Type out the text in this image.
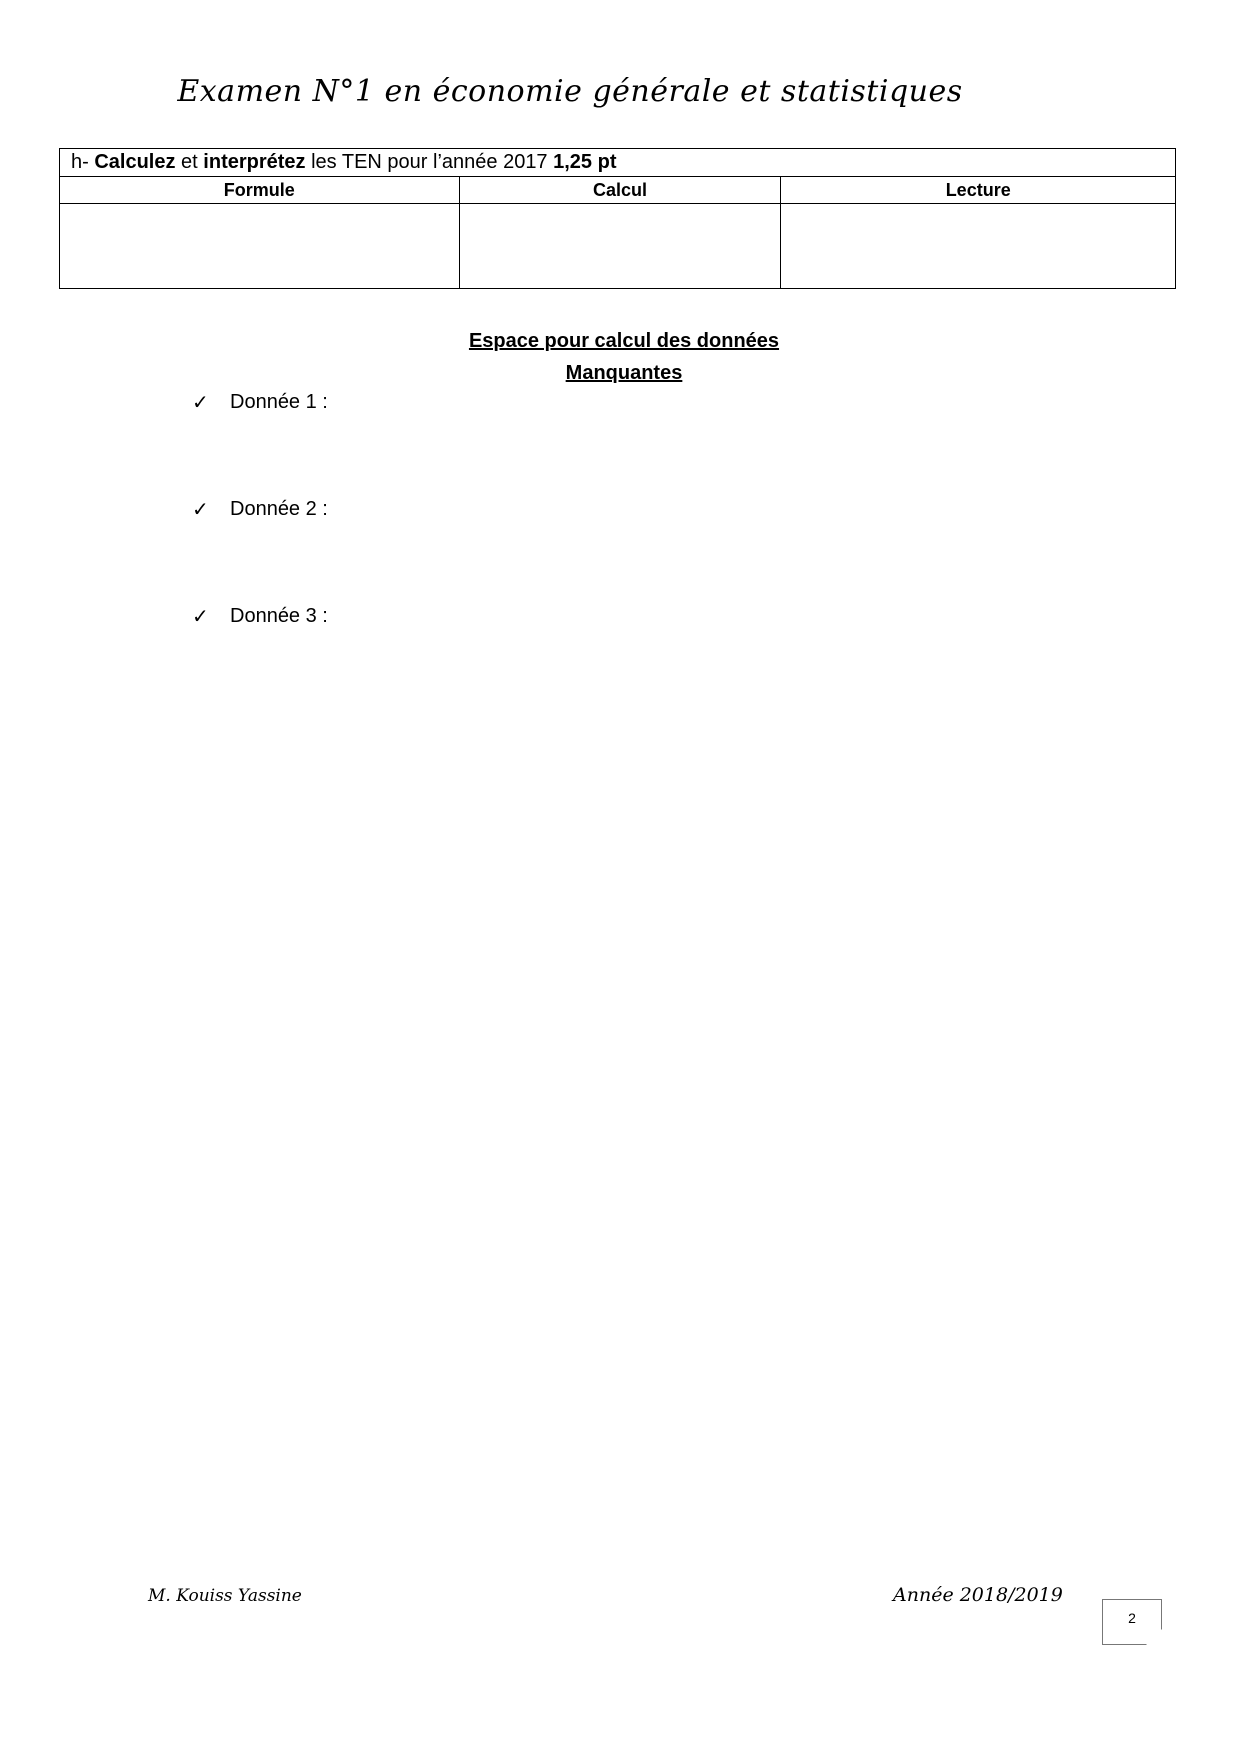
Examen N°1 en économie générale et statistiques
h- Calculez et interprétez les TEN pour l’année 2017 1,25 pt		
Formule	Calcul	Lecture

Espace pour calcul des données
Manquantes
✓	Donnée 1 :
✓	Donnée 2 :
✓	Donnée 3 :
M. Kouiss Yassine	Année 2018/2019
2
